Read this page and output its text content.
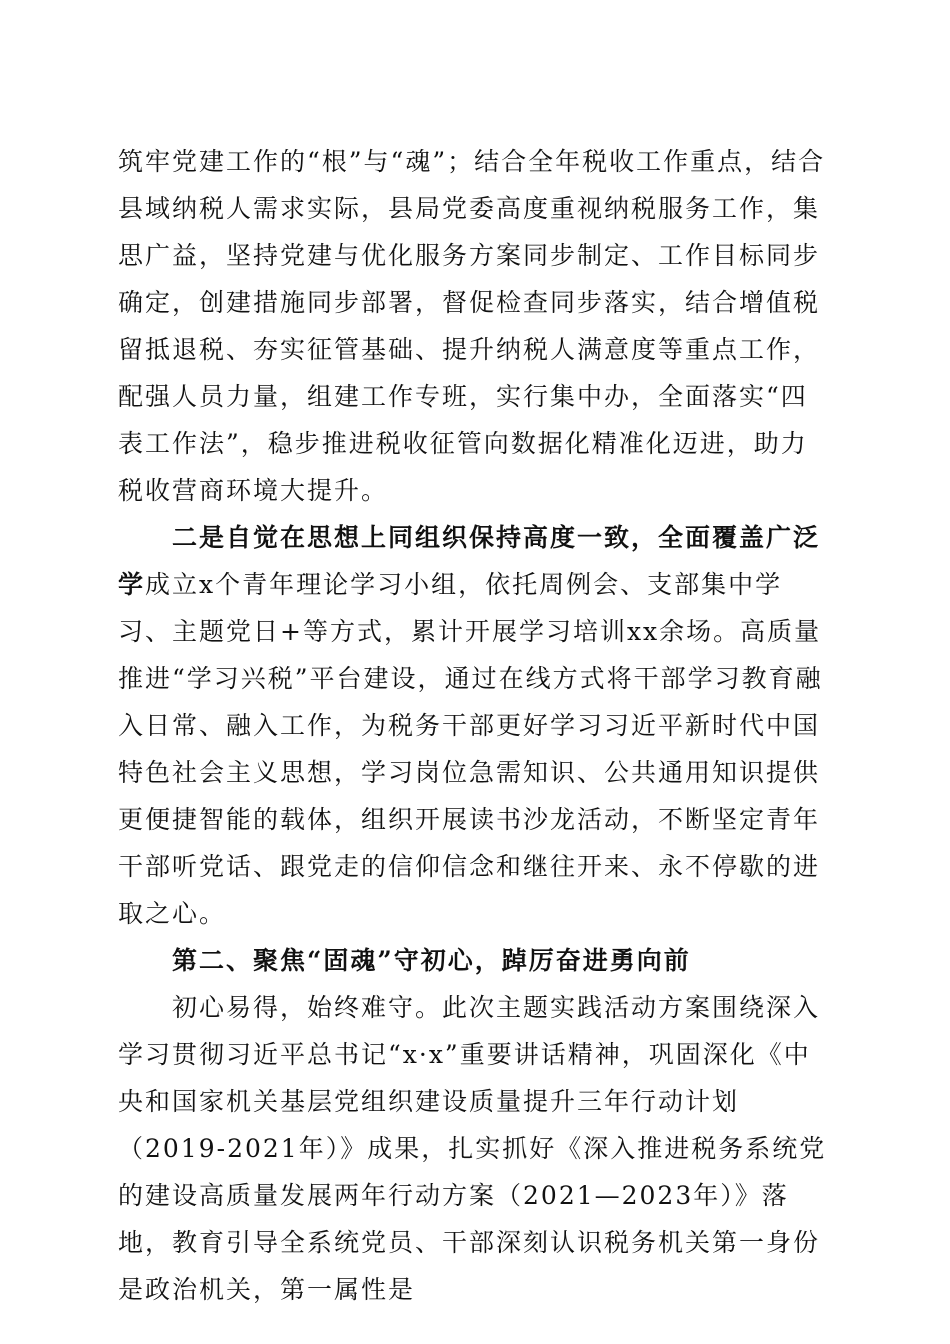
筑牢党建工作的“根”与“魂”；结合全年税收工作重点，结合县域纳税人需求实际，县局党委高度重视纳税服务工作，集思广益，坚持党建与优化服务方案同步制定、工作目标同步确定，创建措施同步部署，督促检查同步落实，结合增值税留抵退税、夯实征管基础、提升纳税人满意度等重点工作，配强人员力量，组建工作专班，实行集中办，全面落实“四表工作法”，稳步推进税收征管向数据化精准化迈进，助力税收营商环境大提升。

二是自觉在思想上同组织保持高度一致，全面覆盖广泛学成立x个青年理论学习小组，依托周例会、支部集中学习、主题党日+等方式，累计开展学习培训xx余场。高质量推进“学习兴税”平台建设，通过在线方式将干部学习教育融入日常、融入工作，为税务干部更好学习习近平新时代中国特色社会主义思想，学习岗位急需知识、公共通用知识提供更便捷智能的载体，组织开展读书沙龙活动，不断坚定青年干部听党话、跟党走的信仰信念和继往开来、永不停歇的进取之心。

第二、聚焦“固魂”守初心，踔厉奋进勇向前

初心易得，始终难守。此次主题实践活动方案围绕深入学习贯彻习近平总书记“x·x”重要讲话精神，巩固深化《中央和国家机关基层党组织建设质量提升三年行动计划（2019-2021年）》成果，扎实抓好《深入推进税务系统党的建设高质量发展两年行动方案（2021—2023年）》落地，教育引导全系统党员、干部深刻认识税务机关第一身份是政治机关，第一属性是
